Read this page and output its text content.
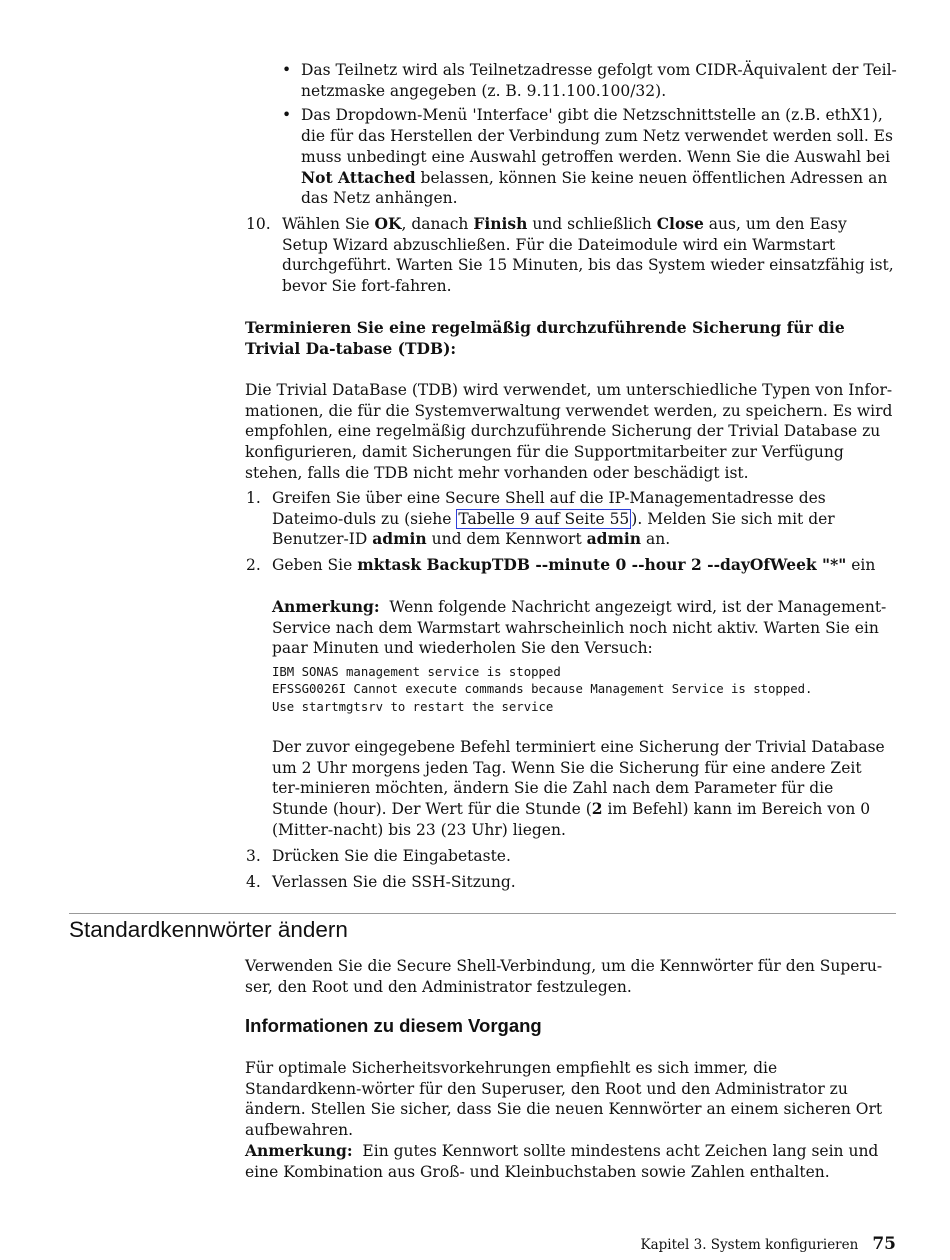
• Das Teilnetz wird als Teilnetzadresse gefolgt vom CIDR-Äquivalent der Teil-netzmaske angegeben (z. B. 9.11.100.100/32).

• Das Dropdown-Menü 'Interface' gibt die Netzschnittstelle an (z.B. ethX1), die für das Herstellen der Verbindung zum Netz verwendet werden soll. Es muss unbedingt eine Auswahl getroffen werden. Wenn Sie die Auswahl bei Not Attached belassen, können Sie keine neuen öffentlichen Adressen an das Netz anhängen.

10. Wählen Sie OK, danach Finish und schließlich Close aus, um den Easy Setup Wizard abzuschließen. Für die Dateimodule wird ein Warmstart durchgeführt. Warten Sie 15 Minuten, bis das System wieder einsatzfähig ist, bevor Sie fort-fahren.

Terminieren Sie eine regelmäßig durchzuführende Sicherung für die Trivial Da-tabase (TDB):

Die Trivial DataBase (TDB) wird verwendet, um unterschiedliche Typen von Infor-mationen, die für die Systemverwaltung verwendet werden, zu speichern. Es wird empfohlen, eine regelmäßig durchzuführende Sicherung der Trivial Database zu konfigurieren, damit Sicherungen für die Supportmitarbeiter zur Verfügung stehen, falls die TDB nicht mehr vorhanden oder beschädigt ist.

1. Greifen Sie über eine Secure Shell auf die IP-Managementadresse des Dateimo-duls zu (siehe Tabelle 9 auf Seite 55 ). Melden Sie sich mit der Benutzer-ID admin und dem Kennwort admin an.

2. Geben Sie mktask BackupTDB --minute 0 --hour 2 --dayOfWeek "*" ein

Anmerkung: Wenn folgende Nachricht angezeigt wird, ist der Management-Service nach dem Warmstart wahrscheinlich noch nicht aktiv. Warten Sie ein paar Minuten und wiederholen Sie den Versuch:

IBM SONAS management service is stopped
EFSSG0026I Cannot execute commands because Management Service is stopped.
Use startmgtsrv to restart the service

Der zuvor eingegebene Befehl terminiert eine Sicherung der Trivial Database um 2 Uhr morgens jeden Tag. Wenn Sie die Sicherung für eine andere Zeit ter-minieren möchten, ändern Sie die Zahl nach dem Parameter für die Stunde (hour). Der Wert für die Stunde (2 im Befehl) kann im Bereich von 0 (Mitter-nacht) bis 23 (23 Uhr) liegen.

3. Drücken Sie die Eingabetaste.

4. Verlassen Sie die SSH-Sitzung.

Standardkennwörter ändern

Verwenden Sie die Secure Shell-Verbindung, um die Kennwörter für den Superu-ser, den Root und den Administrator festzulegen.

Informationen zu diesem Vorgang

Für optimale Sicherheitsvorkehrungen empfiehlt es sich immer, die Standardkenn-wörter für den Superuser, den Root und den Administrator zu ändern. Stellen Sie sicher, dass Sie die neuen Kennwörter an einem sicheren Ort aufbewahren.

Anmerkung: Ein gutes Kennwort sollte mindestens acht Zeichen lang sein und eine Kombination aus Groß- und Kleinbuchstaben sowie Zahlen enthalten.

Kapitel 3. System konfigurieren 75
